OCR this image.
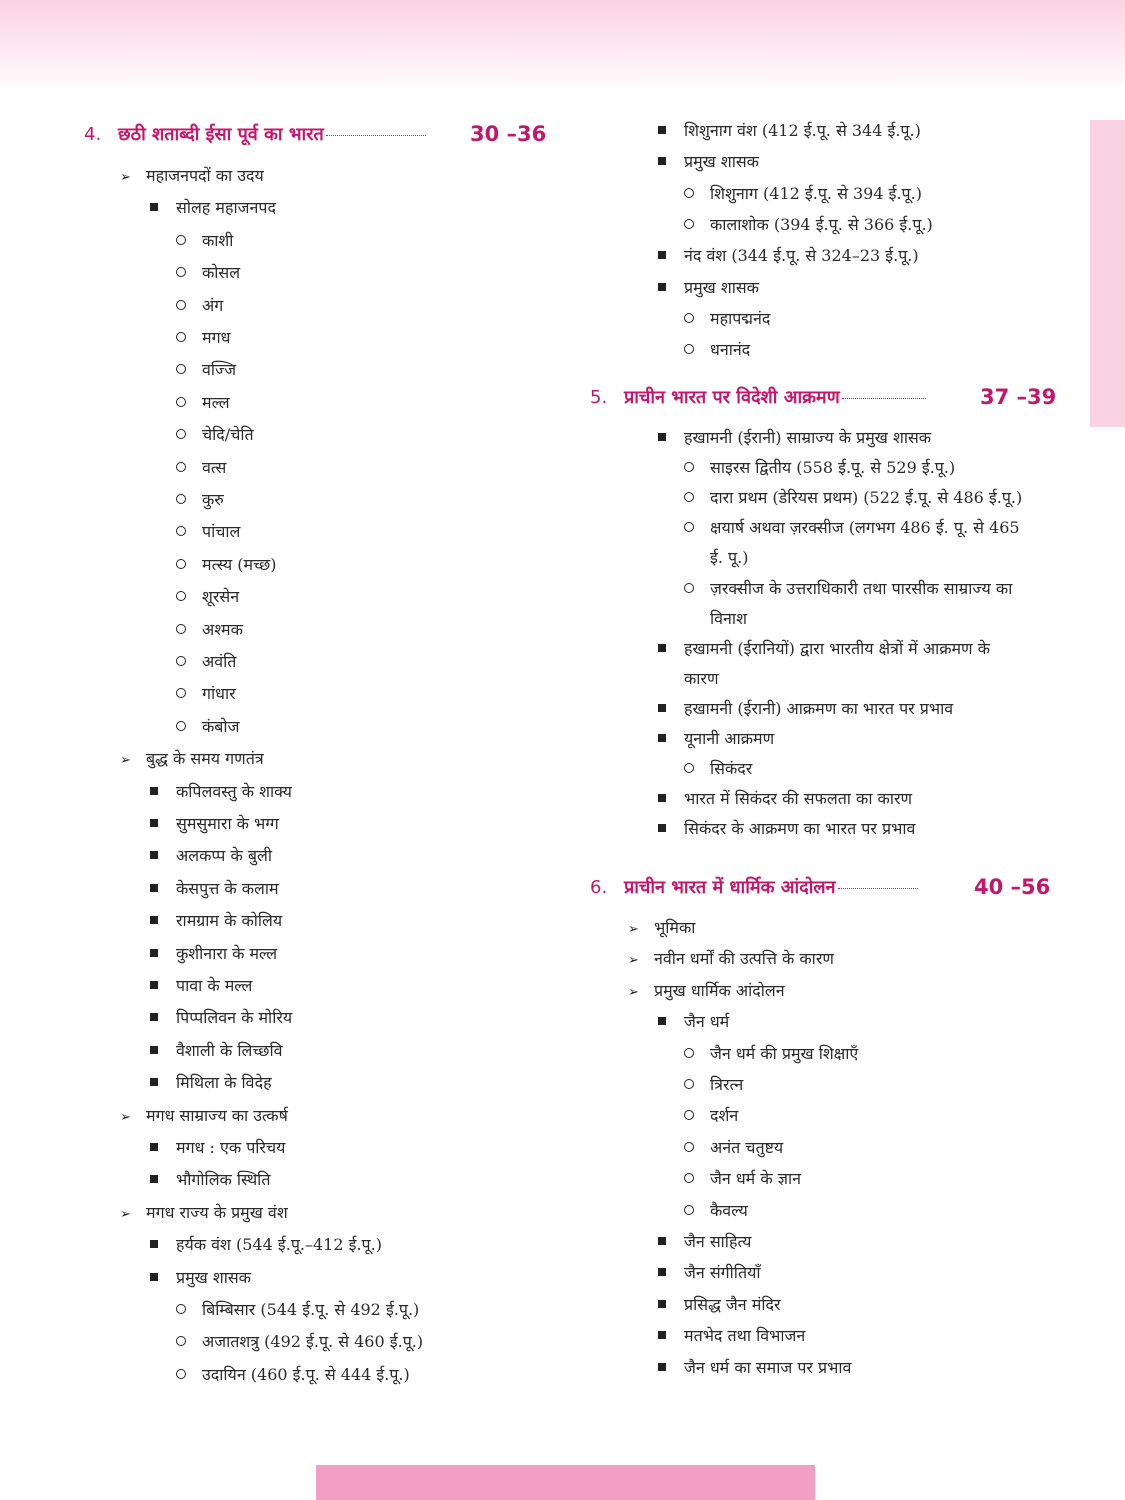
4. छठी शताब्दी ईसा पूर्व का भारत	30 –36
➢ महाजनपदों का उदय
सोलह महाजनपद
काशी
कोसल
अंग
मगध
वज्जि
मल्ल
चेदि/चेति
वत्स
कुरु
पांचाल
मत्स्य (मच्छ)
शूरसेन
अश्मक
अवंति
गांधार
कंबोज
➢ बुद्ध के समय गणतंत्र
कपिलवस्तु के शाक्य
सुमसुमारा के भग्ग
अलकप्प के बुली
केसपुत्त के कलाम
रामग्राम के कोलिय
कुशीनारा के मल्ल
पावा के मल्ल
पिप्पलिवन के मोरिय
वैशाली के लिच्छवि
मिथिला के विदेह
➢ मगध साम्राज्य का उत्कर्ष
मगध : एक परिचय
भौगोलिक स्थिति
➢ मगध राज्य के प्रमुख वंश
हर्यक वंश (544 ई.पू.–412 ई.पू.)
प्रमुख शासक
बिम्बिसार (544 ई.पू. से 492 ई.पू.)
अजातशत्रु (492 ई.पू. से 460 ई.पू.)
उदायिन (460 ई.पू. से 444 ई.पू.)
शिशुनाग वंश (412 ई.पू. से 344 ई.पू.)
प्रमुख शासक
शिशुनाग (412 ई.पू. से 394 ई.पू.)
कालाशोक (394 ई.पू. से 366 ई.पू.)
नंद वंश (344 ई.पू. से 324–23 ई.पू.)
प्रमुख शासक
महापद्मनंद
धनानंद
5. प्राचीन भारत पर विदेशी आक्रमण	37 –39
हखामनी (ईरानी) साम्राज्य के प्रमुख शासक
साइरस द्वितीय (558 ई.पू. से 529 ई.पू.)
दारा प्रथम (डेरियस प्रथम) (522 ई.पू. से 486 ई.पू.)
क्षयार्ष अथवा ज़रक्सीज (लगभग 486 ई. पू. से 465
ई. पू.)
ज़रक्सीज के उत्तराधिकारी तथा पारसीक साम्राज्य का
विनाश
हखामनी (ईरानियों) द्वारा भारतीय क्षेत्रों में आक्रमण के
कारण
हखामनी (ईरानी) आक्रमण का भारत पर प्रभाव
यूनानी आक्रमण
सिकंदर
भारत में सिकंदर की सफलता का कारण
सिकंदर के आक्रमण का भारत पर प्रभाव
6. प्राचीन भारत में धार्मिक आंदोलन	40 –56
➢ भूमिका
➢ नवीन धर्मों की उत्पत्ति के कारण
➢ प्रमुख धार्मिक आंदोलन
जैन धर्म
जैन धर्म की प्रमुख शिक्षाएँ
त्रिरत्न
दर्शन
अनंत चतुष्टय
जैन धर्म के ज्ञान
कैवल्य
जैन साहित्य
जैन संगीतियाँ
प्रसिद्ध जैन मंदिर
मतभेद तथा विभाजन
जैन धर्म का समाज पर प्रभाव
